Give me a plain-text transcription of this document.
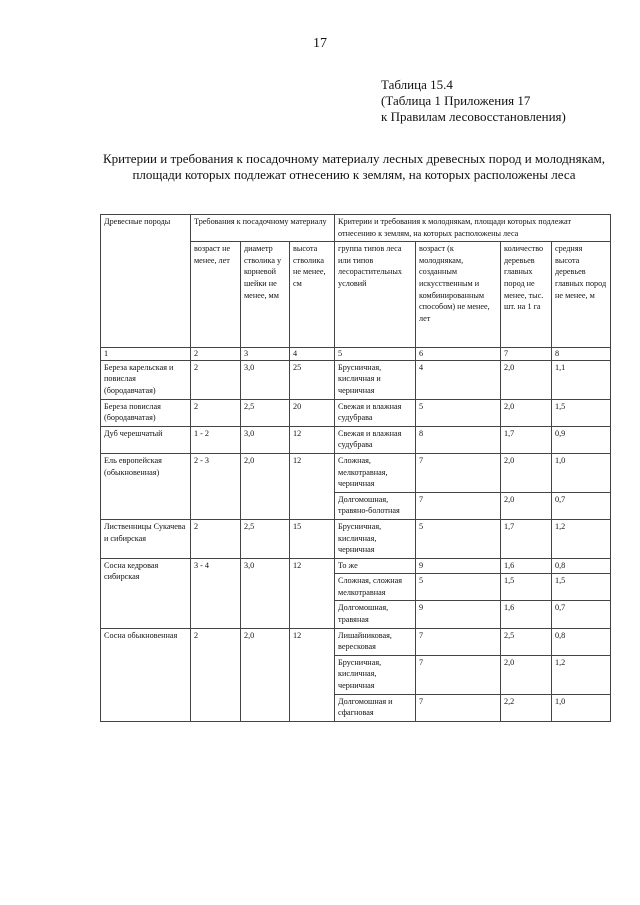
17
Таблица 15.4
(Таблица 1 Приложения 17
к Правилам лесовосстановления)
Критерии и требования к посадочному материалу лесных древесных пород и молоднякам, площади которых подлежат отнесению к землям, на которых расположены леса
Древесные породы	Требования к посадочному материалу			Критерии и требования к молоднякам, площади которых подлежат отнесению к землям, на которых расположены леса			
	возраст не менее, лет	диаметр стволика у корневой шейки не менее, мм	высота стволика не менее, см	группа типов леса или типов лесорастительных условий	возраст (к молоднякам, созданным искусственным и комбинированным способом) не менее, лет	количество деревьев главных пород не менее, тыс. шт. на 1 га	средняя высота деревьев главных пород не менее, м
1	2	3	4	5	6	7	8
Береза карельская и повислая (бородавчатая)	2	3,0	25	Брусничная, кисличная и черничная	4	2,0	1,1
Береза повислая (бородавчатая)	2	2,5	20	Свежая и влажная судубрава	5	2,0	1,5
Дуб черешчатый	1 - 2	3,0	12	Свежая и влажная судубрава	8	1,7	0,9
Ель европейская (обыкновенная)	2 - 3	2,0	12	Сложная, мелкотравная, черничная	7	2,0	1,0
				Долгомошная, травяно-болотная	7	2,0	0,7
Лиственницы Сукачева и сибирская	2	2,5	15	Брусничная, кисличная, черничная	5	1,7	1,2
Сосна кедровая сибирская	3 - 4	3,0	12	То же	9	1,6	0,8
				Сложная, сложная мелкотравная	5	1,5	1,5
				Долгомошная, травяная	9	1,6	0,7
Сосна обыкновенная	2	2,0	12	Лишайниковая, вересковая	7	2,5	0,8
				Брусничная, кисличная, черничная	7	2,0	1,2
				Долгомошная и сфагновая	7	2,2	1,0
